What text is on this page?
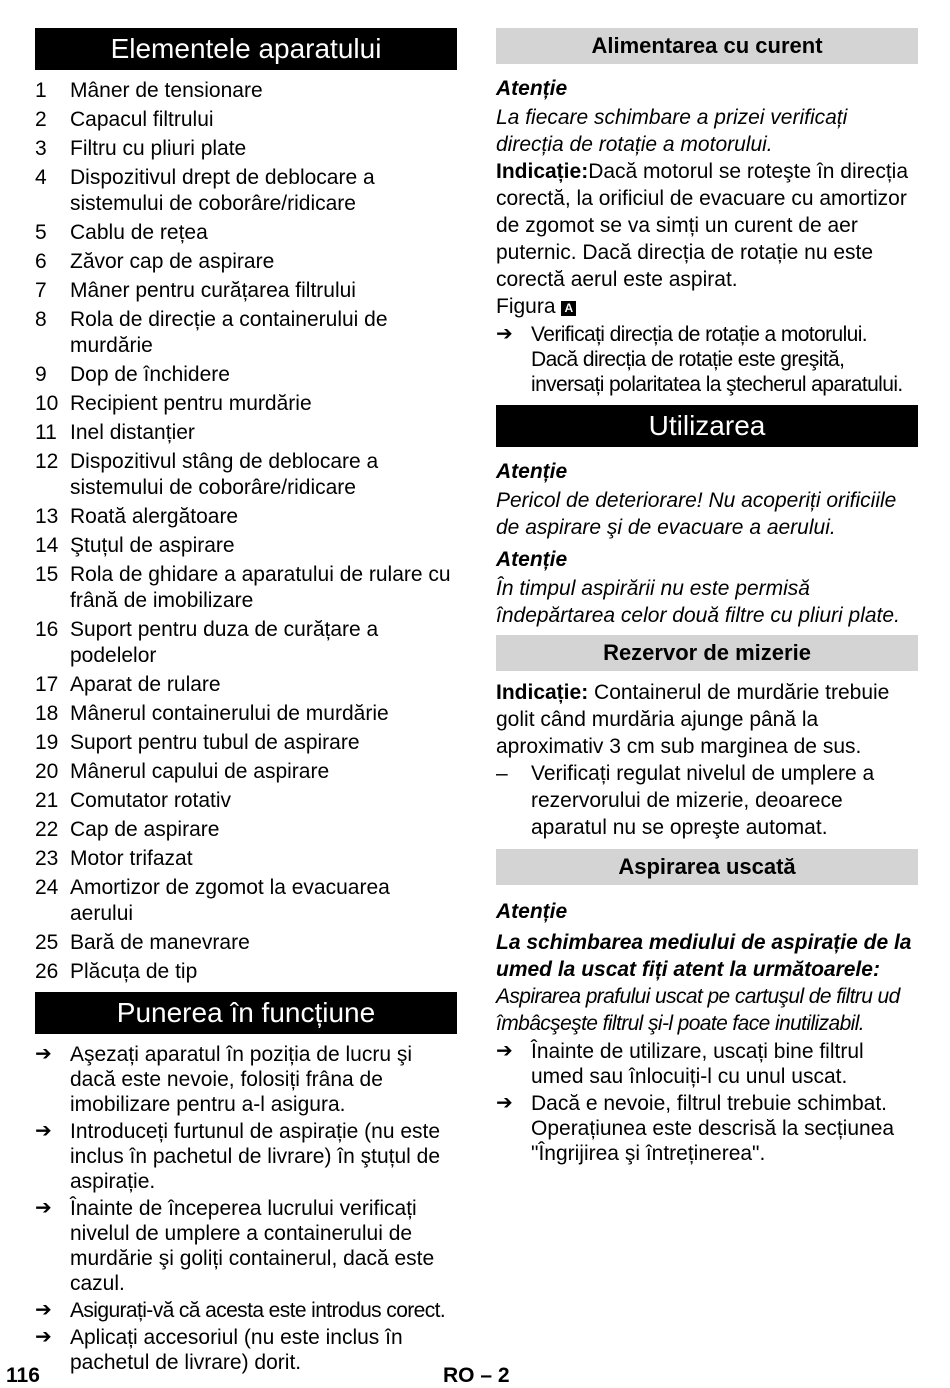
Elementele aparatului
1	Mâner de tensionare
2	Capacul filtrului
3	Filtru cu pliuri plate
4	Dispozitivul drept de deblocare a sistemului de coborâre/ridicare
5	Cablu de rețea
6	Zăvor cap de aspirare
7	Mâner pentru curățarea filtrului
8	Rola de direcție a containerului de murdărie
9	Dop de închidere
10 Recipient pentru murdărie
11 Inel distanțier
12 Dispozitivul stâng de deblocare a sistemului de coborâre/ridicare
13 Roată alergătoare
14 Ştuțul de aspirare
15 Rola de ghidare a aparatului de rulare cu frână de imobilizare
16 Suport pentru duza de curățare a podelelor
17 Aparat de rulare
18 Mânerul containerului de murdărie
19 Suport pentru tubul de aspirare
20 Mânerul capului de aspirare
21 Comutator rotativ
22 Cap de aspirare
23 Motor trifazat
24 Amortizor de zgomot la evacuarea aerului
25 Bară de manevrare
26 Plăcuța de tip
Punerea în funcțiune
➔ Aşezați aparatul în poziția de lucru şi dacă este nevoie, folosiți frâna de imobilizare pentru a-l asigura.
➔ Introduceți furtunul de aspirație (nu este inclus în pachetul de livrare) în ştuțul de aspirație.
➔ Înainte de începerea lucrului verificați nivelul de umplere a containerului de murdărie şi goliți containerul, dacă este cazul.
➔ Asigurați-vă că acesta este introdus corect.
➔ Aplicați accesoriul (nu este inclus în pachetul de livrare) dorit.
Alimentarea cu curent
Atenție
La fiecare schimbare a prizei verificați direcția de rotație a motorului.
Indicație:Dacă motorul se roteşte în direcția corectă, la orificiul de evacuare cu amortizor de zgomot se va simți un curent de aer puternic. Dacă direcția de rotație nu este corectă aerul este aspirat.
Figura A
➔ Verificați direcția de rotație a motorului. Dacă direcția de rotație este greşită, inversați polaritatea la ştecherul aparatului.
Utilizarea
Atenție
Pericol de deteriorare! Nu acoperiți orificiile de aspirare şi de evacuare a aerului.
Atenție
În timpul aspirării nu este permisă îndepărtarea celor două filtre cu pliuri plate.
Rezervor de mizerie
Indicație: Containerul de murdărie trebuie golit când murdăria ajunge până la aproximativ 3 cm sub marginea de sus.
–	Verificați regulat nivelul de umplere a rezervorului de mizerie, deoarece aparatul nu se opreşte automat.
Aspirarea uscată
Atenție
La schimbarea mediului de aspirație de la umed la uscat fiți atent la următoarele:
Aspirarea prafului uscat pe cartuşul de filtru ud îmbâcşeşte filtrul şi-l poate face inutilizabil.
➔ Înainte de utilizare, uscați bine filtrul umed sau înlocuiți-l cu unul uscat.
➔ Dacă e nevoie, filtrul trebuie schimbat. Operațiunea este descrisă la secțiunea "Îngrijirea şi întreținerea".
116	RO – 2
